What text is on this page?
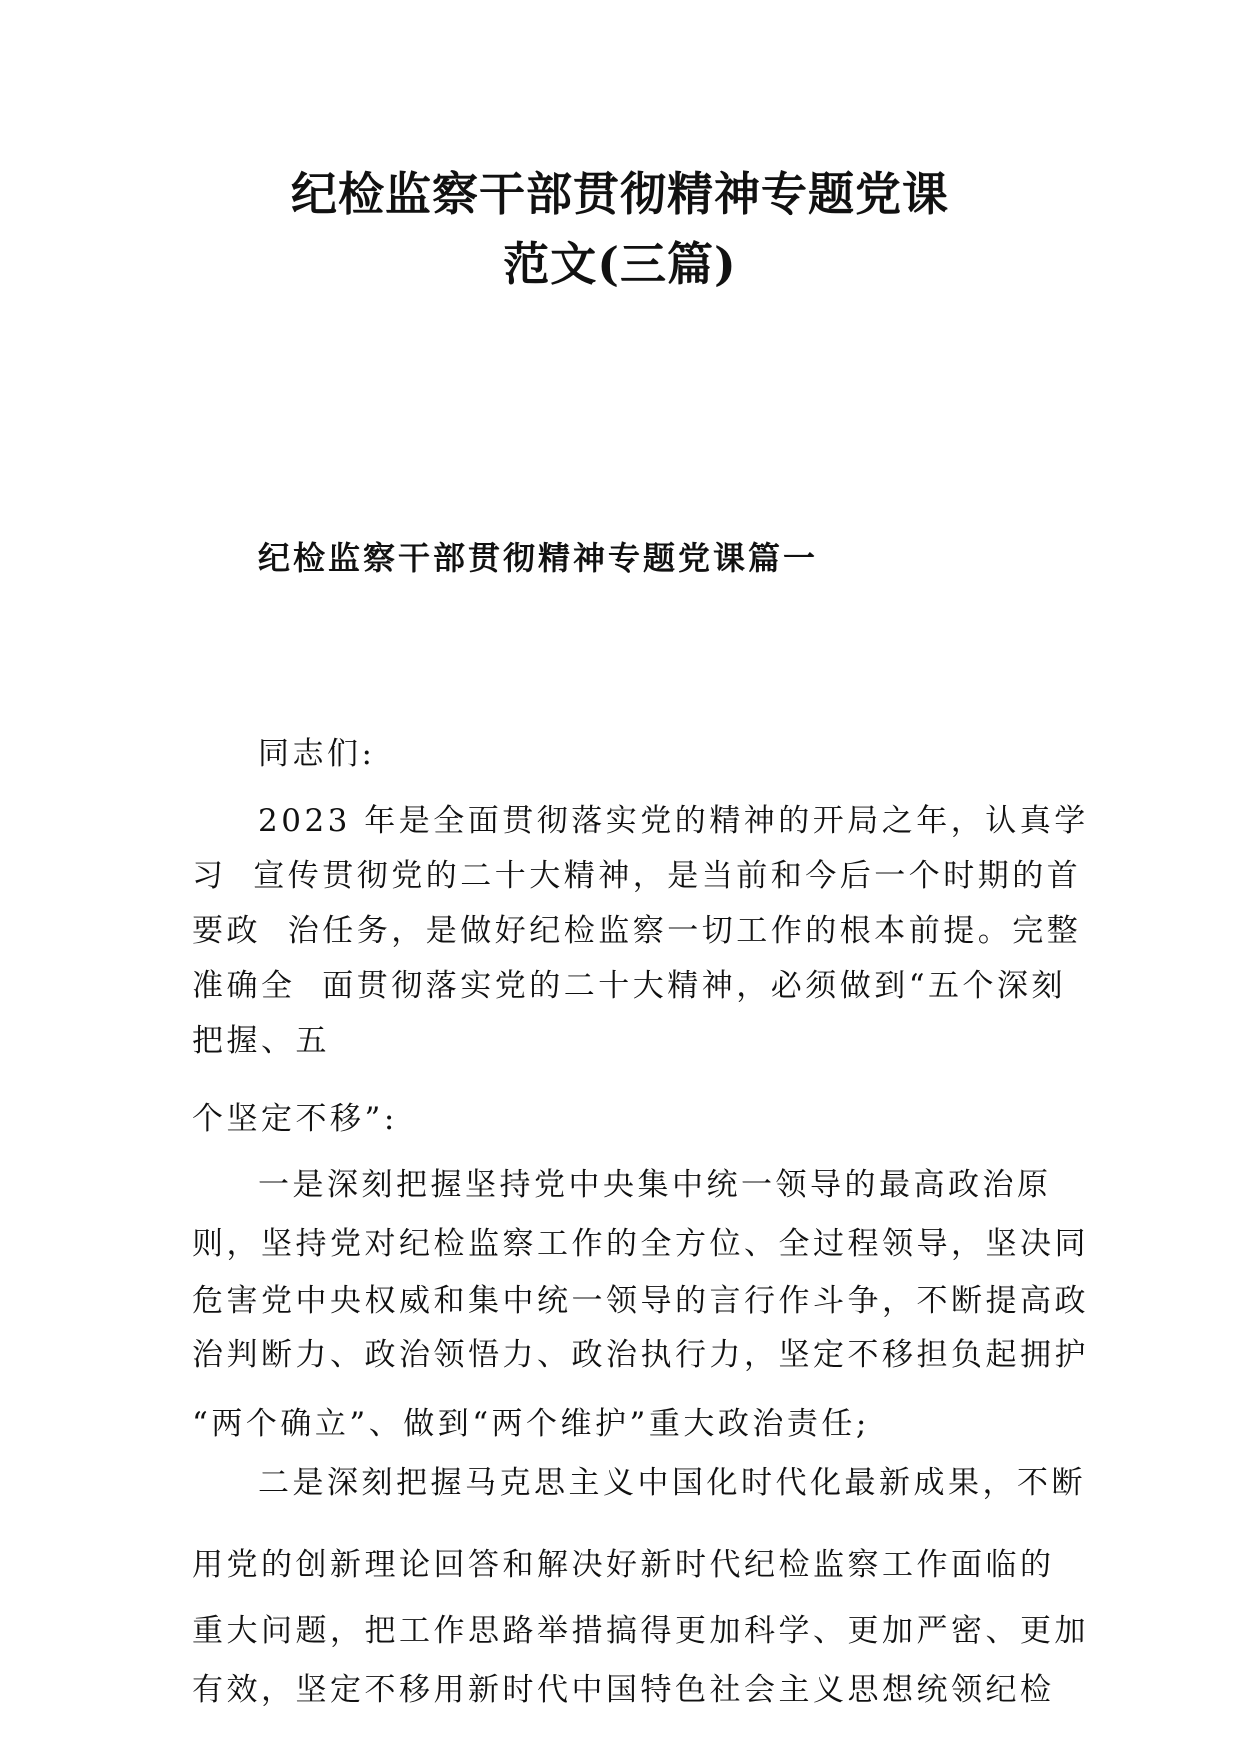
纪检监察干部贯彻精神专题党课
范文(三篇)
纪检监察干部贯彻精神专题党课篇一
同志们:
2023 年是全面贯彻落实党的精神的开局之年，认真学
习  宣传贯彻党的二十大精神，是当前和今后一个时期的首
要政  治任务，是做好纪检监察一切工作的根本前提。完整
准确全  面贯彻落实党的二十大精神，必须做到“五个深刻
把握、五
个坚定不移”:
一是深刻把握坚持党中央集中统一领导的最高政治原
则，坚持党对纪检监察工作的全方位、全过程领导，坚决同
危害党中央权威和集中统一领导的言行作斗争，不断提高政
治判断力、政治领悟力、政治执行力，坚定不移担负起拥护
“两个确立”、做到“两个维护”重大政治责任;
二是深刻把握马克思主义中国化时代化最新成果，不断
用党的创新理论回答和解决好新时代纪检监察工作面临的
重大问题，把工作思路举措搞得更加科学、更加严密、更加
有效，坚定不移用新时代中国特色社会主义思想统领纪检
